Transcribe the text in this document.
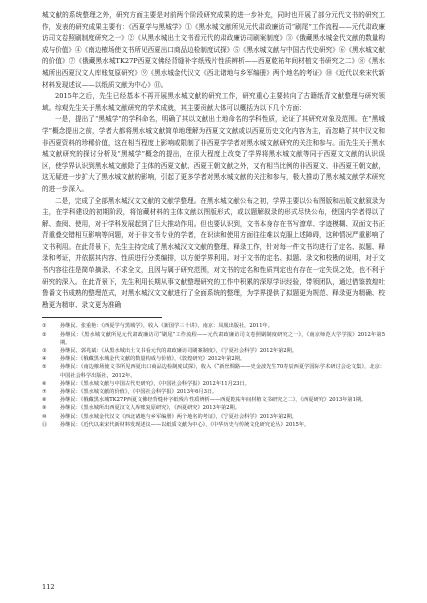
城文献的系统整理之外，研究方面主要是对前两个阶段研究成果的进一步补充，同时也开展了部分元代文书的研究工作，发表的研究成果主要有：《西夏学与黑城学》①《黑水城文献所见元代肃政廉访司“刷尾”工作流程——元代肃政廉访司文卷照刷制度研究之一》②《从黑水城出土文书看元代的肃政廉访司刷案制度》③《俄藏黑水城金代文献的数量构成与价值》④《南边榷场使文书所见西夏出口商品边检制度试探》⑤《黑水城文献与中国古代史研究》⑥《黑水城文献的价值》⑦《俄藏黑水城TK27P西夏文佛经背缝补字纸残片性质辨析——西夏乾祐年间材植文书研究之二》⑧《黑水城所出西夏汉文人库账复原研究》⑨《黑水城金代汉文《西北诸地与乡军编册》两个地名的考证》⑩《近代以来宋代新材料发现述议——以纸质文献为中心》⑪。

2015年之后，先生已经基本不再开展黑水城文献的研究工作，研究重心主要转向了古籍纸背文献整理与研究领域。综观先生关于黑水城文献研究的学术成就，其主要贡献大体可以概括为以下几个方面：

一是，提出了“黑城学”的学科命名，明确了其以文献出土地命名的学科性质，论证了其研究对象及范围。在“黑城学”概念提出之前，学者大都将黑水城文献简单地理解为西夏文文献或以西夏历史文化内容为主，而忽略了其中汉文和非西夏资料的珍稀价值，这在相当程度上影响或限制了非西夏学学者对黑水城文献研究的关注和参与。而先生关于黑水城文献研究的探讨分析及“黑城学”概念的提出，在很大程度上改变了学界将黑水城文献等同于西夏文文献的认识误区，使学界认识到黑水城文献除了主体的西夏文献、西夏王朝文献之外，又有相当比例的非西夏文、非西夏王朝文献，这无疑进一步扩大了黑水城文献的影响，引起了更多学者对黑水城文献的关注和参与，极大推动了黑水城文献学术研究的进一步深入。

二是，完成了全部黑水城汉文文献的文献学整理。在黑水城文献公布之初，学界主要以公布图版和出版文献叙录为主，在学科建设的初期阶段，将馆藏材料的主体文献以图版形式，或以题解叙录的形式尽快公布，使国内学者得以了解、查阅、使用，对于学科发展起到了巨大推动作用。但也要认识到，文书本身存在书写潦草、字迹模糊、双面文书正背重叠交错相互影响等问题，对于非文书专业的学者，在识读和使用方面往往难以克服上述障碍，这种情况严重影响了文书利用。在此背景下，先生主持完成了黑水城汉文文献的整理、释录工作，针对每一件文书均进行了定名、拟题、释录和考证，并依据其内容、性质进行分类编排，以方便学界利用。对于文书的定名、拟题、录文和校勘的说明，对于文书内容往往是简单摘录、不求全文，且因与属于研究范围，对文书的定名和性质判定也有存在一定失误之处，也不利于研究的深入。在此背景下，先生利用长期从事文献整理研究的工作中积累的深厚学识经验，带领团队，通过借鉴敦煌吐鲁番文书成熟的整理范式，对黑水城汉文文献进行了全面系统的整理，为学界提供了拟题更为规范、释录更为精确、校勘更为精审、录文更为准确

①	孙继民、张重艳：《西夏学与黑城学》，收入《新国学三十讲》，南京：凤凰出版社，2011年。
②	孙继民：《黑水城文献所见元代肃政廉访司“刷尾”工作流程——元代肃政廉访司文卷照刷制度研究之一》，《南京师范大学学报》2012年第5期。
③	孙继民、郭兆斌：《从黑水城出土文书看元代的肃政廉访司刷案制度》，《宁夏社会科学》2012年第2期。
④	孙继民：《俄藏黑水城金代文献的数量构成与价值》，《敦煌研究》2012年第2期。
⑤	孙继民：《南边榷场使文书所见西夏出口商品边检制度试探》，收入《“新丝绸路——史金波先生70寿辰西夏学国际学术研讨会论文集》，北京：中国社会科学出版社，2012年。
⑥	孙继民：《黑水城文献与中国古代史研究》，《中国社会科学报》2012年11月23日。
⑦	孙继民：《黑水城文献的价值》，《中国社会科学报》2013年6月3日。
⑧	孙继民：《俄藏黑水城TK27P西夏文佛经背缝补字纸残片性质辨析——西夏乾祐年间材植文书研究之二》，《西夏研究》2013年第1期。
⑨	孙继民：《黑水城所出西夏汉文人库账复原研究》，《西夏研究》2013年第2期。
⑩	孙继民：《黑水城金代汉文《西北诸地与乡军编册》两个地名的考证》，《宁夏社会科学》2013年第2期。
⑪	孙继民：《近代以来宋代新材料发现述议——以纸质文献为中心》，《中华历史与传统文化研究论丛》2015年。
112
